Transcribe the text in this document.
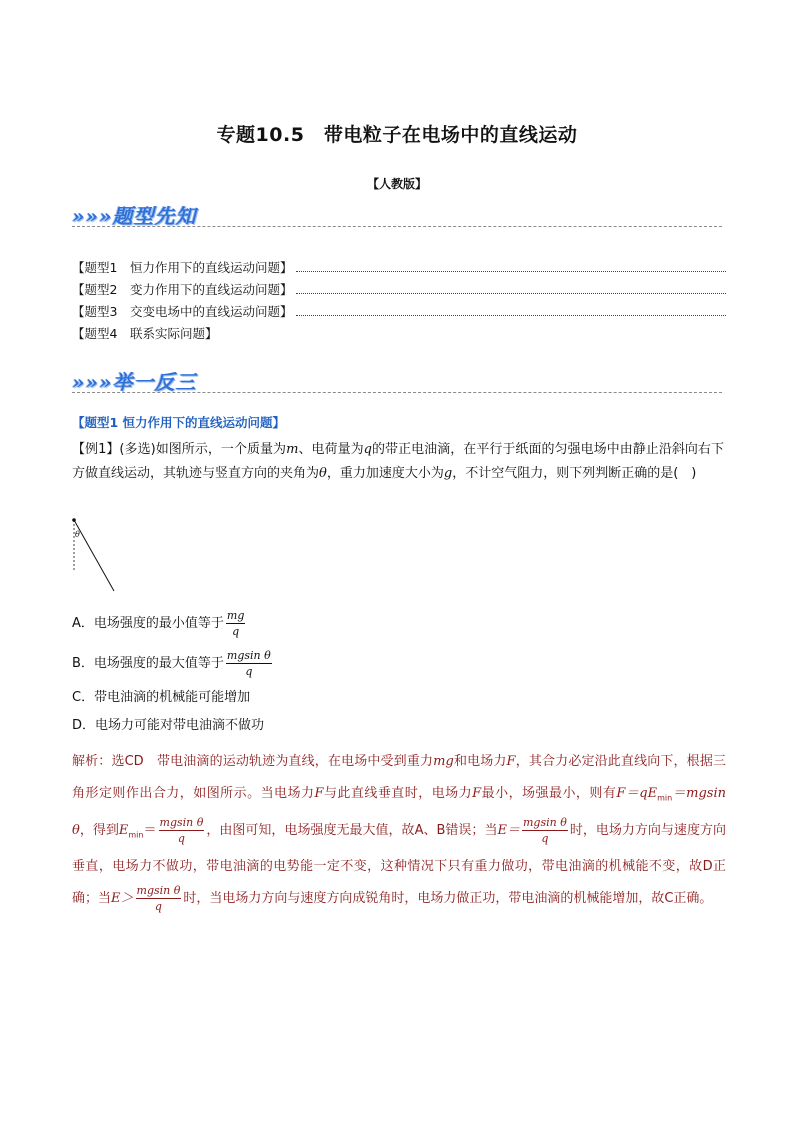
专题10.5　带电粒子在电场中的直线运动
【人教版】
»»»题型先知
【题型1　恒力作用下的直线运动问题】
【题型2　变力作用下的直线运动问题】
【题型3　交变电场中的直线运动问题】
【题型4　联系实际问题】
»»»举一反三
【题型1 恒力作用下的直线运动问题】
【例1】(多选)如图所示，一个质量为m、电荷量为q的带正电油滴，在平行于纸面的匀强电场中由静止沿斜向右下方做直线运动，其轨迹与竖直方向的夹角为θ，重力加速度大小为g，不计空气阻力，则下列判断正确的是(　)
θ
A．电场强度的最小值等于 $\frac{mg}{q}$
B．电场强度的最大值等于 $\frac{\text{mgsin θ}}{q}$
C．带电油滴的机械能可能增加
D．电场力可能对带电油滴不做功
解析：选CD　带电油滴的运动轨迹为直线，在电场中受到重力mg和电场力F，其合力必定沿此直线向下，根据三角形定则作出合力，如图所示。当电场力F与此直线垂直时，电场力F最小，场强最小，则有$F=qE_{min}=mgsin$ θ，得到$E_{min}= \frac{\text{mgsin θ}}{q}$ ，由图可知，电场强度无最大值，故A、B错误；当$E= \frac{\text{mgsin θ}}{q}$ 时，电场力方向与速度方向垂直，电场力不做功，带电油滴的电势能一定不变，这种情况下只有重力做功，带电油滴的机械能不变，故D正确；当$E> \frac{\text{mgsin θ}}{q}$ 时，当电场力方向与速度方向成锐角时，电场力做正功，带电油滴的机械能增加，故C正确。
